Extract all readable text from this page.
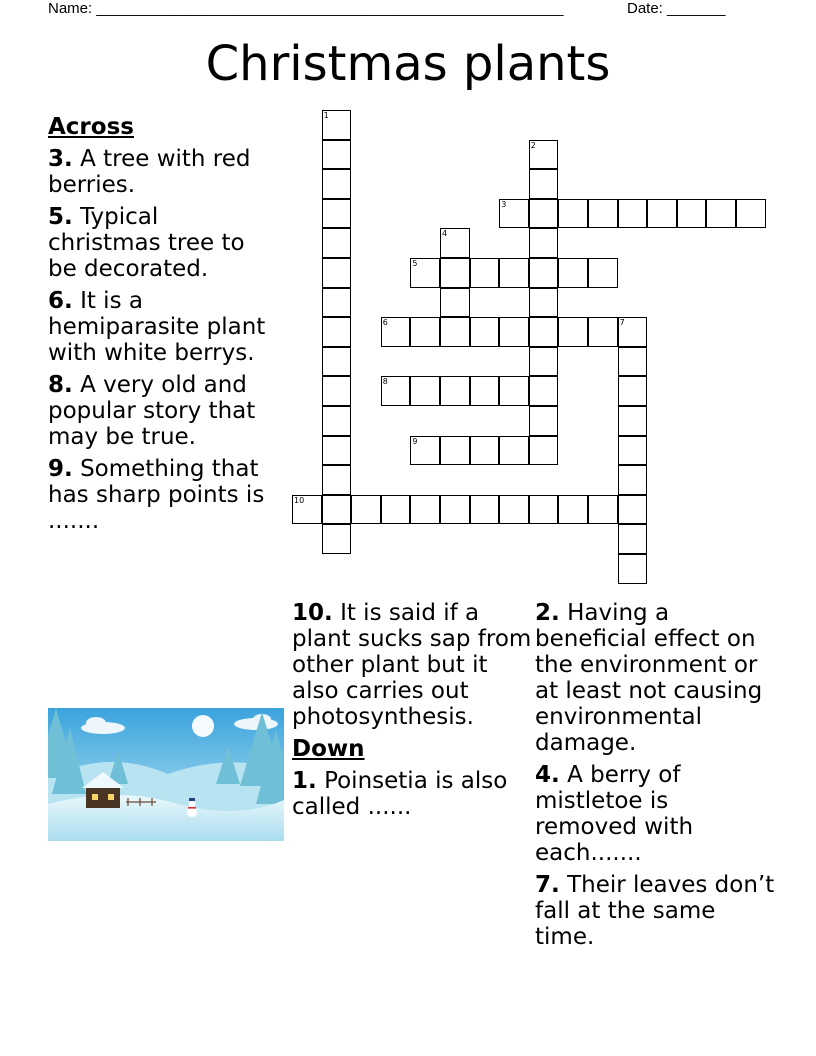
Name: ________________________________________________________	Date: _______
Christmas plants
Across
3. A tree with red berries.
5. Typical christmas tree to be decorated.
6. It is a hemiparasite plant with white berrys.
8. A very old and popular story that may be true.
9. Something that has sharp points is .......
1
2
3
4
5
6	7
8
9
10
10. It is said if a plant sucks sap from other plant but it also carries out photosynthesis.
Down
1. Poinsetia is also called ......
2. Having a beneficial effect on the environment or at least not causing environmental damage.
4. A berry of mistletoe is removed with each.......
7. Their leaves don’t fall at the same time.
